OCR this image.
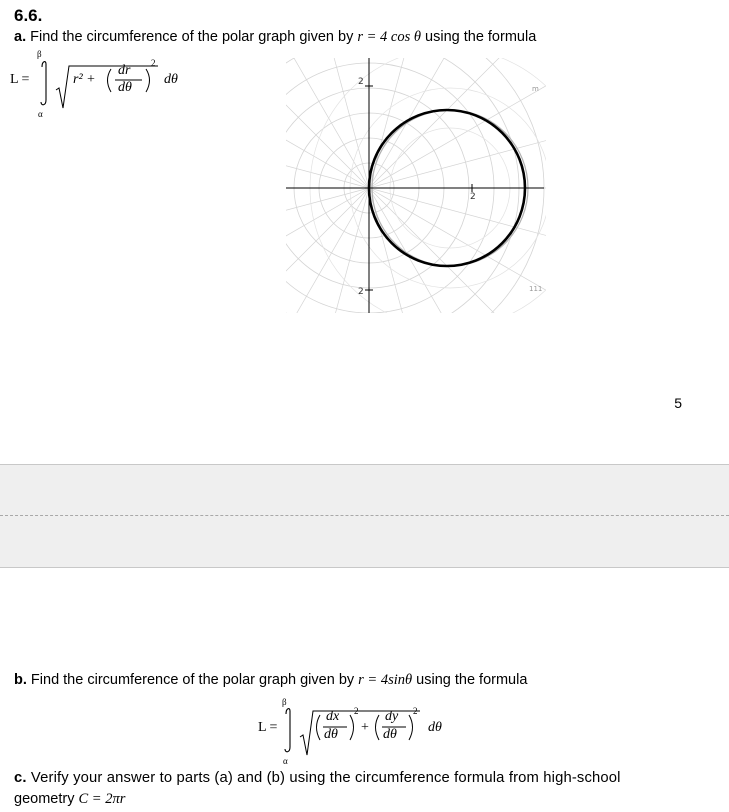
6.6.
a. Find the circumference of the polar graph given by r = 4 cos θ using the formula
L =
β
α
r² +
dr
dθ
2
dθ	2
2
2	111
m
5
b. Find the circumference of the polar graph given by r = 4sinθ using the formula
L =
β
α
dx
dθ
2
+
dy
dθ
2
dθ
c. Verify your answer to parts (a) and (b) using the circumference formula from high-school
geometry C = 2πr
